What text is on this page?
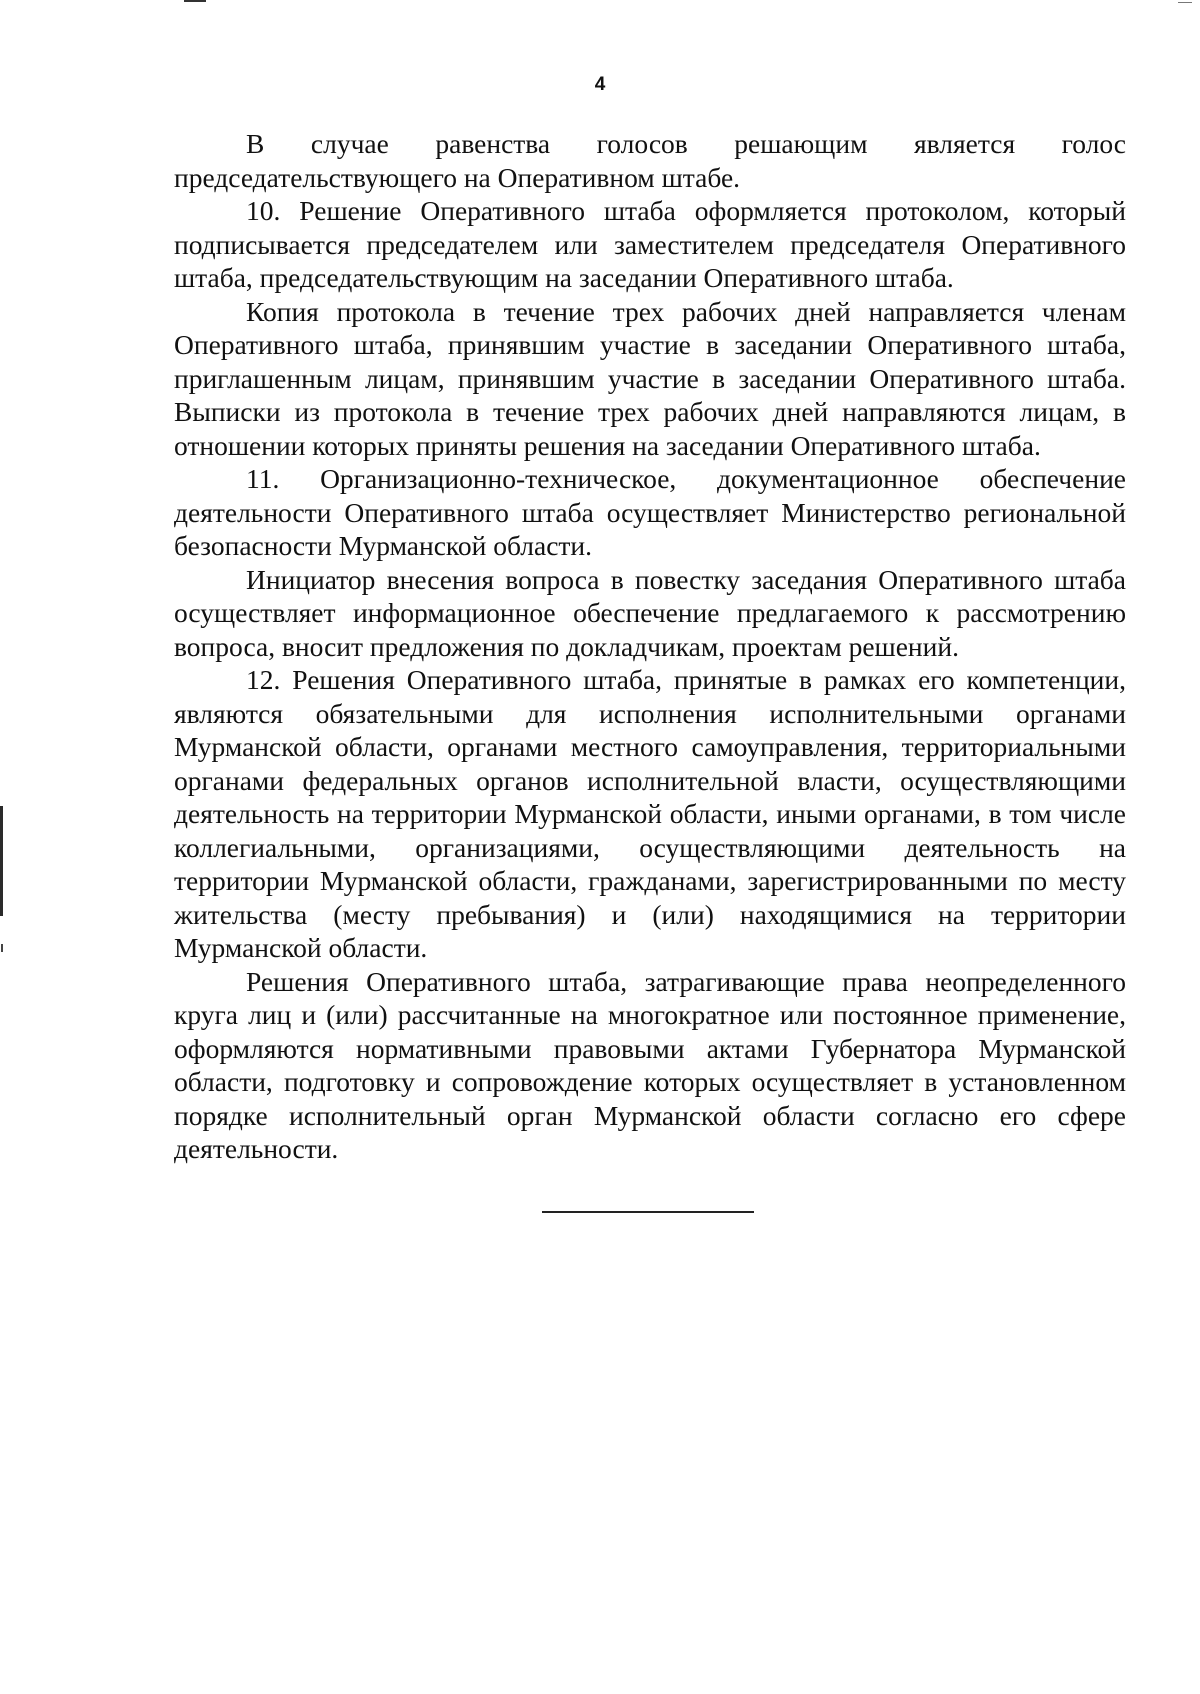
4

В случае равенства голосов решающим является голос председательствующего на Оперативном штабе.

10. Решение Оперативного штаба оформляется протоколом, который подписывается председателем или заместителем председателя Оперативного штаба, председательствующим на заседании Оперативного штаба.

Копия протокола в течение трех рабочих дней направляется членам Оперативного штаба, принявшим участие в заседании Оперативного штаба, приглашенным лицам, принявшим участие в заседании Оперативного штаба. Выписки из протокола в течение трех рабочих дней направляются лицам, в отношении которых приняты решения на заседании Оперативного штаба.

11. Организационно-техническое, документационное обеспечение деятельности Оперативного штаба осуществляет Министерство региональной безопасности Мурманской области.

Инициатор внесения вопроса в повестку заседания Оперативного штаба осуществляет информационное обеспечение предлагаемого к рассмотрению вопроса, вносит предложения по докладчикам, проектам решений.

12. Решения Оперативного штаба, принятые в рамках его компетенции, являются обязательными для исполнения исполнительными органами Мурманской области, органами местного самоуправления, территориальными органами федеральных органов исполнительной власти, осуществляющими деятельность на территории Мурманской области, иными органами, в том числе коллегиальными, организациями, осуществляющими деятельность на территории Мурманской области, гражданами, зарегистрированными по месту жительства (месту пребывания) и (или) находящимися на территории Мурманской области.

Решения Оперативного штаба, затрагивающие права неопределенного круга лиц и (или) рассчитанные на многократное или постоянное применение, оформляются нормативными правовыми актами Губернатора Мурманской области, подготовку и сопровождение которых осуществляет в установленном порядке исполнительный орган Мурманской области согласно его сфере деятельности.
